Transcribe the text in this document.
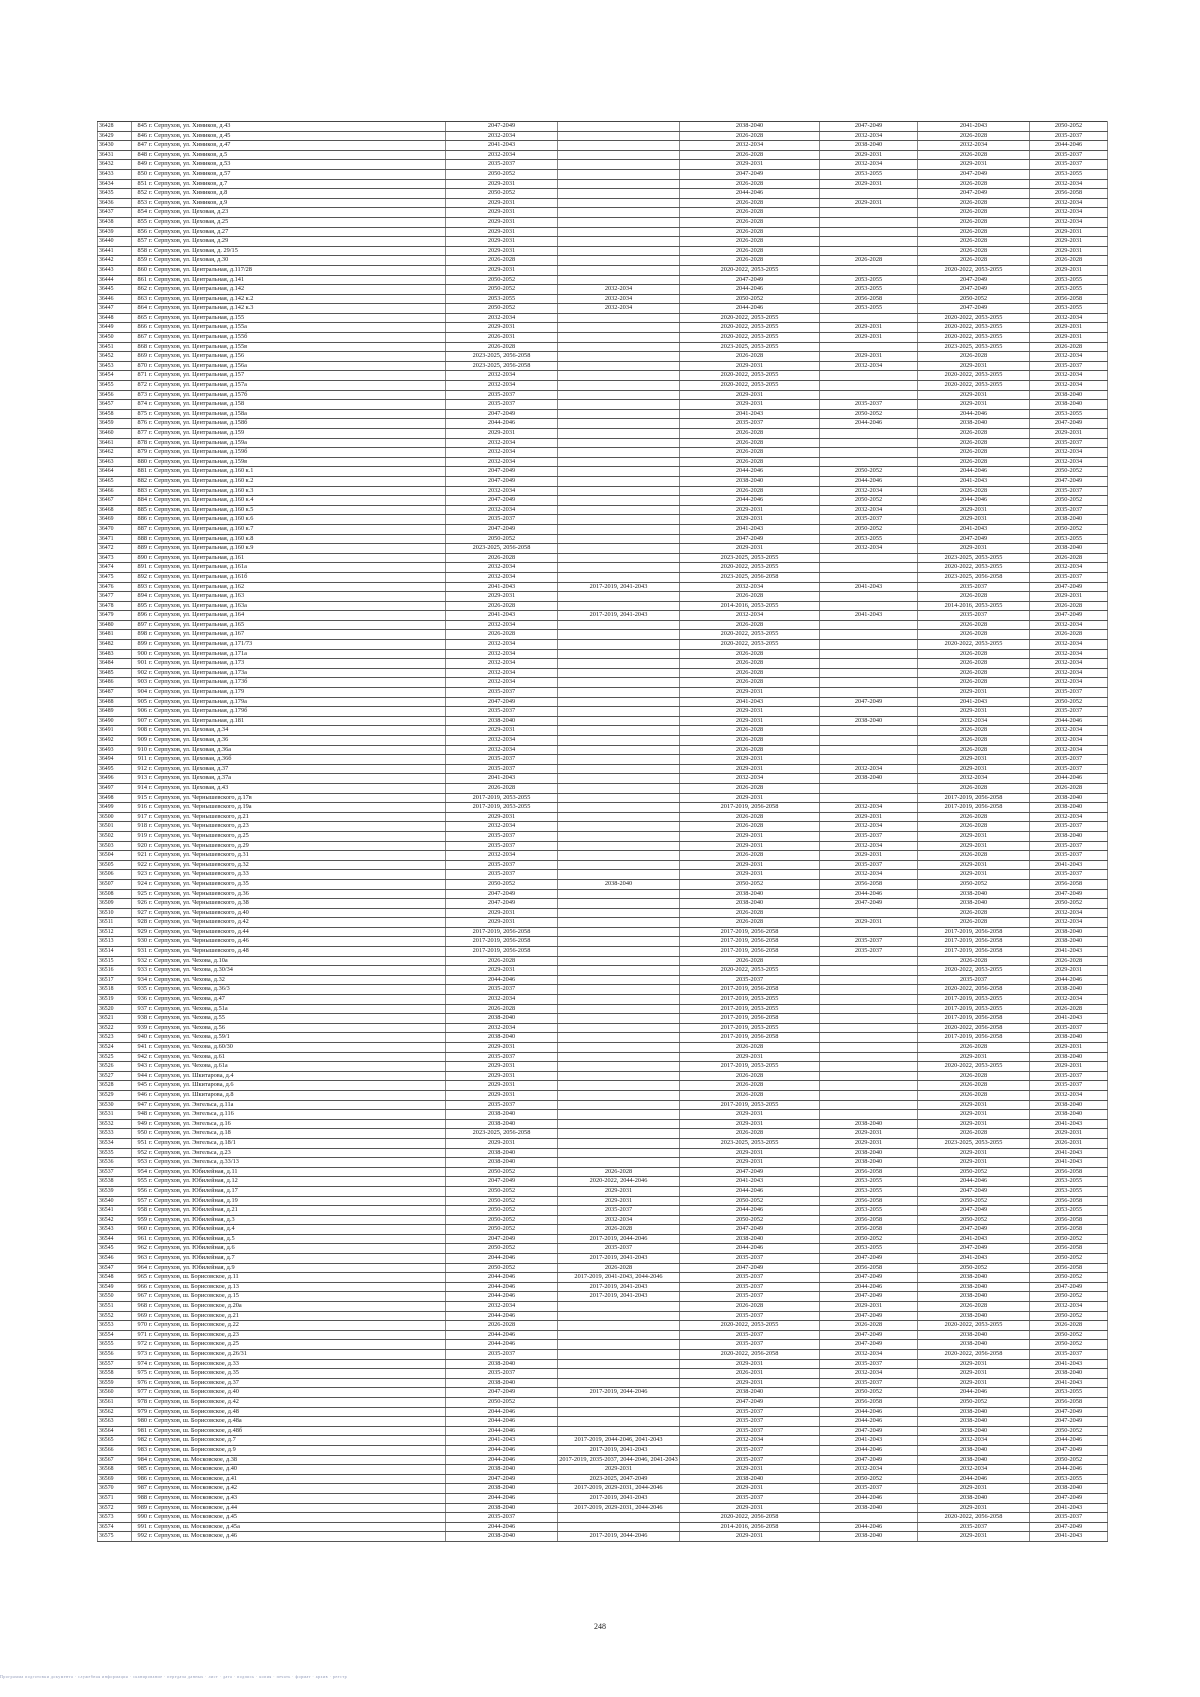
36428	845 г. Серпухов, ул. Химиков, д.43	2047-2049		2038-2040	2047-2049	2041-2043	2050-2052
36429	846 г. Серпухов, ул. Химиков, д.45	2032-2034		2026-2028	2032-2034	2026-2028	2035-2037
36430	847 г. Серпухов, ул. Химиков, д.47	2041-2043		2032-2034	2038-2040	2032-2034	2044-2046
36431	848 г. Серпухов, ул. Химиков, д.5	2032-2034		2026-2028	2029-2031	2026-2028	2035-2037
36432	849 г. Серпухов, ул. Химиков, д.53	2035-2037		2029-2031	2032-2034	2029-2031	2035-2037
36433	850 г. Серпухов, ул. Химиков, д.57	2050-2052		2047-2049	2053-2055	2047-2049	2053-2055
36434	851 г. Серпухов, ул. Химиков, д.7	2029-2031		2026-2028	2029-2031	2026-2028	2032-2034
36435	852 г. Серпухов, ул. Химиков, д.8	2050-2052		2044-2046		2047-2049	2056-2058
36436	853 г. Серпухов, ул. Химиков, д.9	2029-2031		2026-2028	2029-2031	2026-2028	2032-2034
36437	854 г. Серпухов, ул. Цеховая, д.23	2029-2031		2026-2028		2026-2028	2032-2034
36438	855 г. Серпухов, ул. Цеховая, д.25	2029-2031		2026-2028		2026-2028	2032-2034
36439	856 г. Серпухов, ул. Цеховая, д.27	2029-2031		2026-2028		2026-2028	2029-2031
36440	857 г. Серпухов, ул. Цеховая, д.29	2029-2031		2026-2028		2026-2028	2029-2031
36441	858 г. Серпухов, ул. Цеховая, д. 29/15	2029-2031		2026-2028		2026-2028	2029-2031
36442	859 г. Серпухов, ул. Цеховая, д.30	2026-2028		2026-2028	2026-2028	2026-2028	2026-2028
36443	860 г. Серпухов, ул. Центральная, д.117/28	2029-2031		2020-2022, 2053-2055		2020-2022, 2053-2055	2029-2031
36444	861 г. Серпухов, ул. Центральная, д.141	2050-2052		2047-2049	2053-2055	2047-2049	2053-2055
36445	862 г. Серпухов, ул. Центральная, д.142	2050-2052	2032-2034	2044-2046	2053-2055	2047-2049	2053-2055
36446	863 г. Серпухов, ул. Центральная, д.142 к.2	2053-2055	2032-2034	2050-2052	2056-2058	2050-2052	2056-2058
36447	864 г. Серпухов, ул. Центральная, д.142 к.3	2050-2052	2032-2034	2044-2046	2053-2055	2047-2049	2053-2055
36448	865 г. Серпухов, ул. Центральная, д.155	2032-2034		2020-2022, 2053-2055		2020-2022, 2053-2055	2032-2034
36449	866 г. Серпухов, ул. Центральная, д.155а	2029-2031		2020-2022, 2053-2055	2029-2031	2020-2022, 2053-2055	2029-2031
36450	867 г. Серпухов, ул. Центральная, д.155б	2026-2031		2020-2022, 2053-2055	2029-2031	2020-2022, 2053-2055	2029-2031
36451	868 г. Серпухов, ул. Центральная, д.155в	2026-2028		2023-2025, 2053-2055		2023-2025, 2053-2055	2026-2028
36452	869 г. Серпухов, ул. Центральная, д.156	2023-2025, 2056-2058		2026-2028	2029-2031	2026-2028	2032-2034
36453	870 г. Серпухов, ул. Центральная, д.156а	2023-2025, 2056-2058		2029-2031	2032-2034	2029-2031	2035-2037
36454	871 г. Серпухов, ул. Центральная, д.157	2032-2034		2020-2022, 2053-2055		2020-2022, 2053-2055	2032-2034
36455	872 г. Серпухов, ул. Центральная, д.157а	2032-2034		2020-2022, 2053-2055		2020-2022, 2053-2055	2032-2034
36456	873 г. Серпухов, ул. Центральная, д.157б	2035-2037		2029-2031		2029-2031	2038-2040
36457	874 г. Серпухов, ул. Центральная, д.158	2035-2037		2029-2031	2035-2037	2029-2031	2038-2040
36458	875 г. Серпухов, ул. Центральная, д.158а	2047-2049		2041-2043	2050-2052	2044-2046	2053-2055
36459	876 г. Серпухов, ул. Центральная, д.158б	2044-2046		2035-2037	2044-2046	2038-2040	2047-2049
36460	877 г. Серпухов, ул. Центральная, д.159	2029-2031		2026-2028		2026-2028	2029-2031
36461	878 г. Серпухов, ул. Центральная, д.159а	2032-2034		2026-2028		2026-2028	2035-2037
36462	879 г. Серпухов, ул. Центральная, д.159б	2032-2034		2026-2028		2026-2028	2032-2034
36463	880 г. Серпухов, ул. Центральная, д.159в	2032-2034		2026-2028		2026-2028	2032-2034
36464	881 г. Серпухов, ул. Центральная, д.160 к.1	2047-2049		2044-2046	2050-2052	2044-2046	2050-2052
36465	882 г. Серпухов, ул. Центральная, д.160 к.2	2047-2049		2038-2040	2044-2046	2041-2043	2047-2049
36466	883 г. Серпухов, ул. Центральная, д.160 к.3	2032-2034		2026-2028	2032-2034	2026-2028	2035-2037
36467	884 г. Серпухов, ул. Центральная, д.160 к.4	2047-2049		2044-2046	2050-2052	2044-2046	2050-2052
36468	885 г. Серпухов, ул. Центральная, д.160 к.5	2032-2034		2029-2031	2032-2034	2029-2031	2035-2037
36469	886 г. Серпухов, ул. Центральная, д.160 к.6	2035-2037		2029-2031	2035-2037	2029-2031	2038-2040
36470	887 г. Серпухов, ул. Центральная, д.160 к.7	2047-2049		2041-2043	2050-2052	2041-2043	2050-2052
36471	888 г. Серпухов, ул. Центральная, д.160 к.8	2050-2052		2047-2049	2053-2055	2047-2049	2053-2055
36472	889 г. Серпухов, ул. Центральная, д.160 к.9	2023-2025, 2056-2058		2029-2031	2032-2034	2029-2031	2038-2040
36473	890 г. Серпухов, ул. Центральная, д.161	2026-2028		2023-2025, 2053-2055		2023-2025, 2053-2055	2026-2028
36474	891 г. Серпухов, ул. Центральная, д.161а	2032-2034		2020-2022, 2053-2055		2020-2022, 2053-2055	2032-2034
36475	892 г. Серпухов, ул. Центральная, д.161б	2032-2034		2023-2025, 2056-2058		2023-2025, 2056-2058	2035-2037
36476	893 г. Серпухов, ул. Центральная, д.162	2041-2043	2017-2019, 2041-2043	2032-2034	2041-2043	2035-2037	2047-2049
36477	894 г. Серпухов, ул. Центральная, д.163	2029-2031		2026-2028		2026-2028	2029-2031
36478	895 г. Серпухов, ул. Центральная, д.163а	2026-2028		2014-2016, 2053-2055		2014-2016, 2053-2055	2026-2028
36479	896 г. Серпухов, ул. Центральная, д.164	2041-2043	2017-2019, 2041-2043	2032-2034	2041-2043	2035-2037	2047-2049
36480	897 г. Серпухов, ул. Центральная, д.165	2032-2034		2026-2028		2026-2028	2032-2034
36481	898 г. Серпухов, ул. Центральная, д.167	2026-2028		2020-2022, 2053-2055		2026-2028	2026-2028
36482	899 г. Серпухов, ул. Центральная, д.171/73	2032-2034		2020-2022, 2053-2055		2020-2022, 2053-2055	2032-2034
36483	900 г. Серпухов, ул. Центральная, д.171а	2032-2034		2026-2028		2026-2028	2032-2034
36484	901 г. Серпухов, ул. Центральная, д.173	2032-2034		2026-2028		2026-2028	2032-2034
36485	902 г. Серпухов, ул. Центральная, д.173а	2032-2034		2026-2028		2026-2028	2032-2034
36486	903 г. Серпухов, ул. Центральная, д.173б	2032-2034		2026-2028		2026-2028	2032-2034
36487	904 г. Серпухов, ул. Центральная, д.179	2035-2037		2029-2031		2029-2031	2035-2037
36488	905 г. Серпухов, ул. Центральная, д.179а	2047-2049		2041-2043	2047-2049	2041-2043	2050-2052
36489	906 г. Серпухов, ул. Центральная, д.179б	2035-2037		2029-2031		2029-2031	2035-2037
36490	907 г. Серпухов, ул. Центральная, д.181	2038-2040		2029-2031	2038-2040	2032-2034	2044-2046
36491	908 г. Серпухов, ул. Цеховая, д.34	2029-2031		2026-2028		2026-2028	2032-2034
36492	909 г. Серпухов, ул. Цеховая, д.36	2032-2034		2026-2028		2026-2028	2032-2034
36493	910 г. Серпухов, ул. Цеховая, д.36а	2032-2034		2026-2028		2026-2028	2032-2034
36494	911 г. Серпухов, ул. Цеховая, д.36б	2035-2037		2029-2031		2029-2031	2035-2037
36495	912 г. Серпухов, ул. Цеховая, д.37	2035-2037		2029-2031	2032-2034	2029-2031	2035-2037
36496	913 г. Серпухов, ул. Цеховая, д.37а	2041-2043		2032-2034	2038-2040	2032-2034	2044-2046
36497	914 г. Серпухов, ул. Цеховая, д.43	2026-2028		2026-2028		2026-2028	2026-2028
36498	915 г. Серпухов, ул. Чернышевского, д.17в	2017-2019, 2053-2055		2029-2031		2017-2019, 2056-2058	2038-2040
36499	916 г. Серпухов, ул. Чернышевского, д.19а	2017-2019, 2053-2055		2017-2019, 2056-2058	2032-2034	2017-2019, 2056-2058	2038-2040
36500	917 г. Серпухов, ул. Чернышевского, д.21	2029-2031		2026-2028	2029-2031	2026-2028	2032-2034
36501	918 г. Серпухов, ул. Чернышевского, д.23	2032-2034		2026-2028	2032-2034	2026-2028	2035-2037
36502	919 г. Серпухов, ул. Чернышевского, д.25	2035-2037		2029-2031	2035-2037	2029-2031	2038-2040
36503	920 г. Серпухов, ул. Чернышевского, д.29	2035-2037		2029-2031	2032-2034	2029-2031	2035-2037
36504	921 г. Серпухов, ул. Чернышевского, д.31	2032-2034		2026-2028	2029-2031	2026-2028	2035-2037
36505	922 г. Серпухов, ул. Чернышевского, д.32	2035-2037		2029-2031	2035-2037	2029-2031	2041-2043
36506	923 г. Серпухов, ул. Чернышевского, д.33	2035-2037		2029-2031	2032-2034	2029-2031	2035-2037
36507	924 г. Серпухов, ул. Чернышевского, д.35	2050-2052	2038-2040	2050-2052	2056-2058	2050-2052	2056-2058
36508	925 г. Серпухов, ул. Чернышевского, д.36	2047-2049		2038-2040	2044-2046	2038-2040	2047-2049
36509	926 г. Серпухов, ул. Чернышевского, д.38	2047-2049		2038-2040	2047-2049	2038-2040	2050-2052
36510	927 г. Серпухов, ул. Чернышевского, д.40	2029-2031		2026-2028		2026-2028	2032-2034
36511	928 г. Серпухов, ул. Чернышевского, д.42	2029-2031		2026-2028	2029-2031	2026-2028	2032-2034
36512	929 г. Серпухов, ул. Чернышевского, д.44	2017-2019, 2056-2058		2017-2019, 2056-2058		2017-2019, 2056-2058	2038-2040
36513	930 г. Серпухов, ул. Чернышевского, д.46	2017-2019, 2056-2058		2017-2019, 2056-2058	2035-2037	2017-2019, 2056-2058	2038-2040
36514	931 г. Серпухов, ул. Чернышевского, д.48	2017-2019, 2056-2058		2017-2019, 2056-2058	2035-2037	2017-2019, 2056-2058	2041-2043
36515	932 г. Серпухов, ул. Чехова, д.10а	2026-2028		2026-2028		2026-2028	2026-2028
36516	933 г. Серпухов, ул. Чехова, д.30/34	2029-2031		2020-2022, 2053-2055		2020-2022, 2053-2055	2029-2031
36517	934 г. Серпухов, ул. Чехова, д.32	2044-2046		2035-2037		2035-2037	2044-2046
36518	935 г. Серпухов, ул. Чехова, д.36/3	2035-2037		2017-2019, 2056-2058		2020-2022, 2056-2058	2038-2040
36519	936 г. Серпухов, ул. Чехова, д.47	2032-2034		2017-2019, 2053-2055		2017-2019, 2053-2055	2032-2034
36520	937 г. Серпухов, ул. Чехова, д.51а	2026-2028		2017-2019, 2053-2055		2017-2019, 2053-2055	2026-2028
36521	938 г. Серпухов, ул. Чехова, д.55	2038-2040		2017-2019, 2056-2058		2017-2019, 2056-2058	2041-2043
36522	939 г. Серпухов, ул. Чехова, д.56	2032-2034		2017-2019, 2053-2055		2020-2022, 2056-2058	2035-2037
36523	940 г. Серпухов, ул. Чехова, д.59/1	2038-2040		2017-2019, 2056-2058		2017-2019, 2056-2058	2038-2040
36524	941 г. Серпухов, ул. Чехова, д.60/30	2029-2031		2026-2028		2026-2028	2029-2031
36525	942 г. Серпухов, ул. Чехова, д.61	2035-2037		2029-2031		2029-2031	2038-2040
36526	943 г. Серпухов, ул. Чехова, д.61а	2029-2031		2017-2019, 2053-2055		2020-2022, 2053-2055	2029-2031
36527	944 г. Серпухов, ул. Шкитарова, д.4	2029-2031		2026-2028		2026-2028	2035-2037
36528	945 г. Серпухов, ул. Шкитарова, д.6	2029-2031		2026-2028		2026-2028	2035-2037
36529	946 г. Серпухов, ул. Шкитарова, д.8	2029-2031		2026-2028		2026-2028	2032-2034
36530	947 г. Серпухов, ул. Энгельса, д.11а	2035-2037		2017-2019, 2053-2055		2029-2031	2038-2040
36531	948 г. Серпухов, ул. Энгельса, д.116	2038-2040		2029-2031		2029-2031	2038-2040
36532	949 г. Серпухов, ул. Энгельса, д.16	2038-2040		2029-2031	2038-2040	2029-2031	2041-2043
36533	950 г. Серпухов, ул. Энгельса, д.18	2023-2025, 2056-2058		2026-2028	2029-2031	2026-2028	2029-2031
36534	951 г. Серпухов, ул. Энгельса, д.18/1	2029-2031		2023-2025, 2053-2055	2029-2031	2023-2025, 2053-2055	2026-2031
36535	952 г. Серпухов, ул. Энгельса, д.23	2038-2040		2029-2031	2038-2040	2029-2031	2041-2043
36536	953 г. Серпухов, ул. Энгельса, д.33/13	2038-2040		2029-2031	2038-2040	2029-2031	2041-2043
36537	954 г. Серпухов, ул. Юбилейная, д.11	2050-2052	2026-2028	2047-2049	2056-2058	2050-2052	2056-2058
36538	955 г. Серпухов, ул. Юбилейная, д.12	2047-2049	2020-2022, 2044-2046	2041-2043	2053-2055	2044-2046	2053-2055
36539	956 г. Серпухов, ул. Юбилейная, д.17	2050-2052	2029-2031	2044-2046	2053-2055	2047-2049	2053-2055
36540	957 г. Серпухов, ул. Юбилейная, д.19	2050-2052	2029-2031	2050-2052	2056-2058	2050-2052	2056-2058
36541	958 г. Серпухов, ул. Юбилейная, д.21	2050-2052	2035-2037	2044-2046	2053-2055	2047-2049	2053-2055
36542	959 г. Серпухов, ул. Юбилейная, д.3	2050-2052	2032-2034	2050-2052	2056-2058	2050-2052	2056-2058
36543	960 г. Серпухов, ул. Юбилейная, д.4	2050-2052	2026-2028	2047-2049	2056-2058	2047-2049	2056-2058
36544	961 г. Серпухов, ул. Юбилейная, д.5	2047-2049	2017-2019, 2044-2046	2038-2040	2050-2052	2041-2043	2050-2052
36545	962 г. Серпухов, ул. Юбилейная, д.6	2050-2052	2035-2037	2044-2046	2053-2055	2047-2049	2056-2058
36546	963 г. Серпухов, ул. Юбилейная, д.7	2044-2046	2017-2019, 2041-2043	2035-2037	2047-2049	2041-2043	2050-2052
36547	964 г. Серпухов, ул. Юбилейная, д.9	2050-2052	2026-2028	2047-2049	2056-2058	2050-2052	2056-2058
36548	965 г. Серпухов, ш. Борисовское, д.11	2044-2046	2017-2019, 2041-2043, 2044-2046	2035-2037	2047-2049	2038-2040	2050-2052
36549	966 г. Серпухов, ш. Борисовское, д.13	2044-2046	2017-2019, 2041-2043	2035-2037	2044-2046	2038-2040	2047-2049
36550	967 г. Серпухов, ш. Борисовское, д.15	2044-2046	2017-2019, 2041-2043	2035-2037	2047-2049	2038-2040	2050-2052
36551	968 г. Серпухов, ш. Борисовское, д.20а	2032-2034		2026-2028	2029-2031	2026-2028	2032-2034
36552	969 г. Серпухов, ш. Борисовское, д.21	2044-2046		2035-2037	2047-2049	2038-2040	2050-2052
36553	970 г. Серпухов, ш. Борисовское, д.22	2026-2028		2020-2022, 2053-2055	2026-2028	2020-2022, 2053-2055	2026-2028
36554	971 г. Серпухов, ш. Борисовское, д.23	2044-2046		2035-2037	2047-2049	2038-2040	2050-2052
36555	972 г. Серпухов, ш. Борисовское, д.25	2044-2046		2035-2037	2047-2049	2038-2040	2050-2052
36556	973 г. Серпухов, ш. Борисовское, д.26/31	2035-2037		2020-2022, 2056-2058	2032-2034	2020-2022, 2056-2058	2035-2037
36557	974 г. Серпухов, ш. Борисовское, д.33	2038-2040		2029-2031	2035-2037	2029-2031	2041-2043
36558	975 г. Серпухов, ш. Борисовское, д.35	2035-2037		2026-2031	2032-2034	2029-2031	2038-2040
36559	976 г. Серпухов, ш. Борисовское, д.37	2038-2040		2029-2031	2035-2037	2029-2031	2041-2043
36560	977 г. Серпухов, ш. Борисовское, д.40	2047-2049	2017-2019, 2044-2046	2038-2040	2050-2052	2044-2046	2053-2055
36561	978 г. Серпухов, ш. Борисовское, д.42	2050-2052		2047-2049	2056-2058	2050-2052	2056-2058
36562	979 г. Серпухов, ш. Борисовское, д.48	2044-2046		2035-2037	2044-2046	2038-2040	2047-2049
36563	980 г. Серпухов, ш. Борисовское, д.48а	2044-2046		2035-2037	2044-2046	2038-2040	2047-2049
36564	981 г. Серпухов, ш. Борисовское, д.48б	2044-2046		2035-2037	2047-2049	2038-2040	2050-2052
36565	982 г. Серпухов, ш. Борисовское, д.7	2041-2043	2017-2019, 2044-2046, 2041-2043	2032-2034	2041-2043	2032-2034	2044-2046
36566	983 г. Серпухов, ш. Борисовское, д.9	2044-2046	2017-2019, 2041-2043	2035-2037	2044-2046	2038-2040	2047-2049
36567	984 г. Серпухов, ш. Московское, д.38	2044-2046	2017-2019, 2035-2037, 2044-2046, 2041-2043	2035-2037	2047-2049	2038-2040	2050-2052
36568	985 г. Серпухов, ш. Московское, д.40	2038-2040	2029-2031	2029-2031	2032-2034	2032-2034	2044-2046
36569	986 г. Серпухов, ш. Московское, д.41	2047-2049	2023-2025, 2047-2049	2038-2040	2050-2052	2044-2046	2053-2055
36570	987 г. Серпухов, ш. Московское, д.42	2038-2040	2017-2019, 2029-2031, 2044-2046	2029-2031	2035-2037	2029-2031	2038-2040
36571	988 г. Серпухов, ш. Московское, д.43	2044-2046	2017-2019, 2041-2043	2035-2037	2044-2046	2038-2040	2047-2049
36572	989 г. Серпухов, ш. Московское, д.44	2038-2040	2017-2019, 2029-2031, 2044-2046	2029-2031	2038-2040	2029-2031	2041-2043
36573	990 г. Серпухов, ш. Московское, д.45	2035-2037		2020-2022, 2056-2058		2020-2022, 2056-2058	2035-2037
36574	991 г. Серпухов, ш. Московское, д.45а	2044-2046		2014-2016, 2056-2058	2044-2046	2035-2037	2047-2049
36575	992 г. Серпухов, ш. Московское, д.46	2038-2040	2017-2019, 2044-2046	2029-2031	2038-2040	2029-2031	2041-2043
248
Программа подготовки документа · служебная информация · сканирование · передача данных · лист · дата · подпись · копия · печать · формат · архив · реестр
